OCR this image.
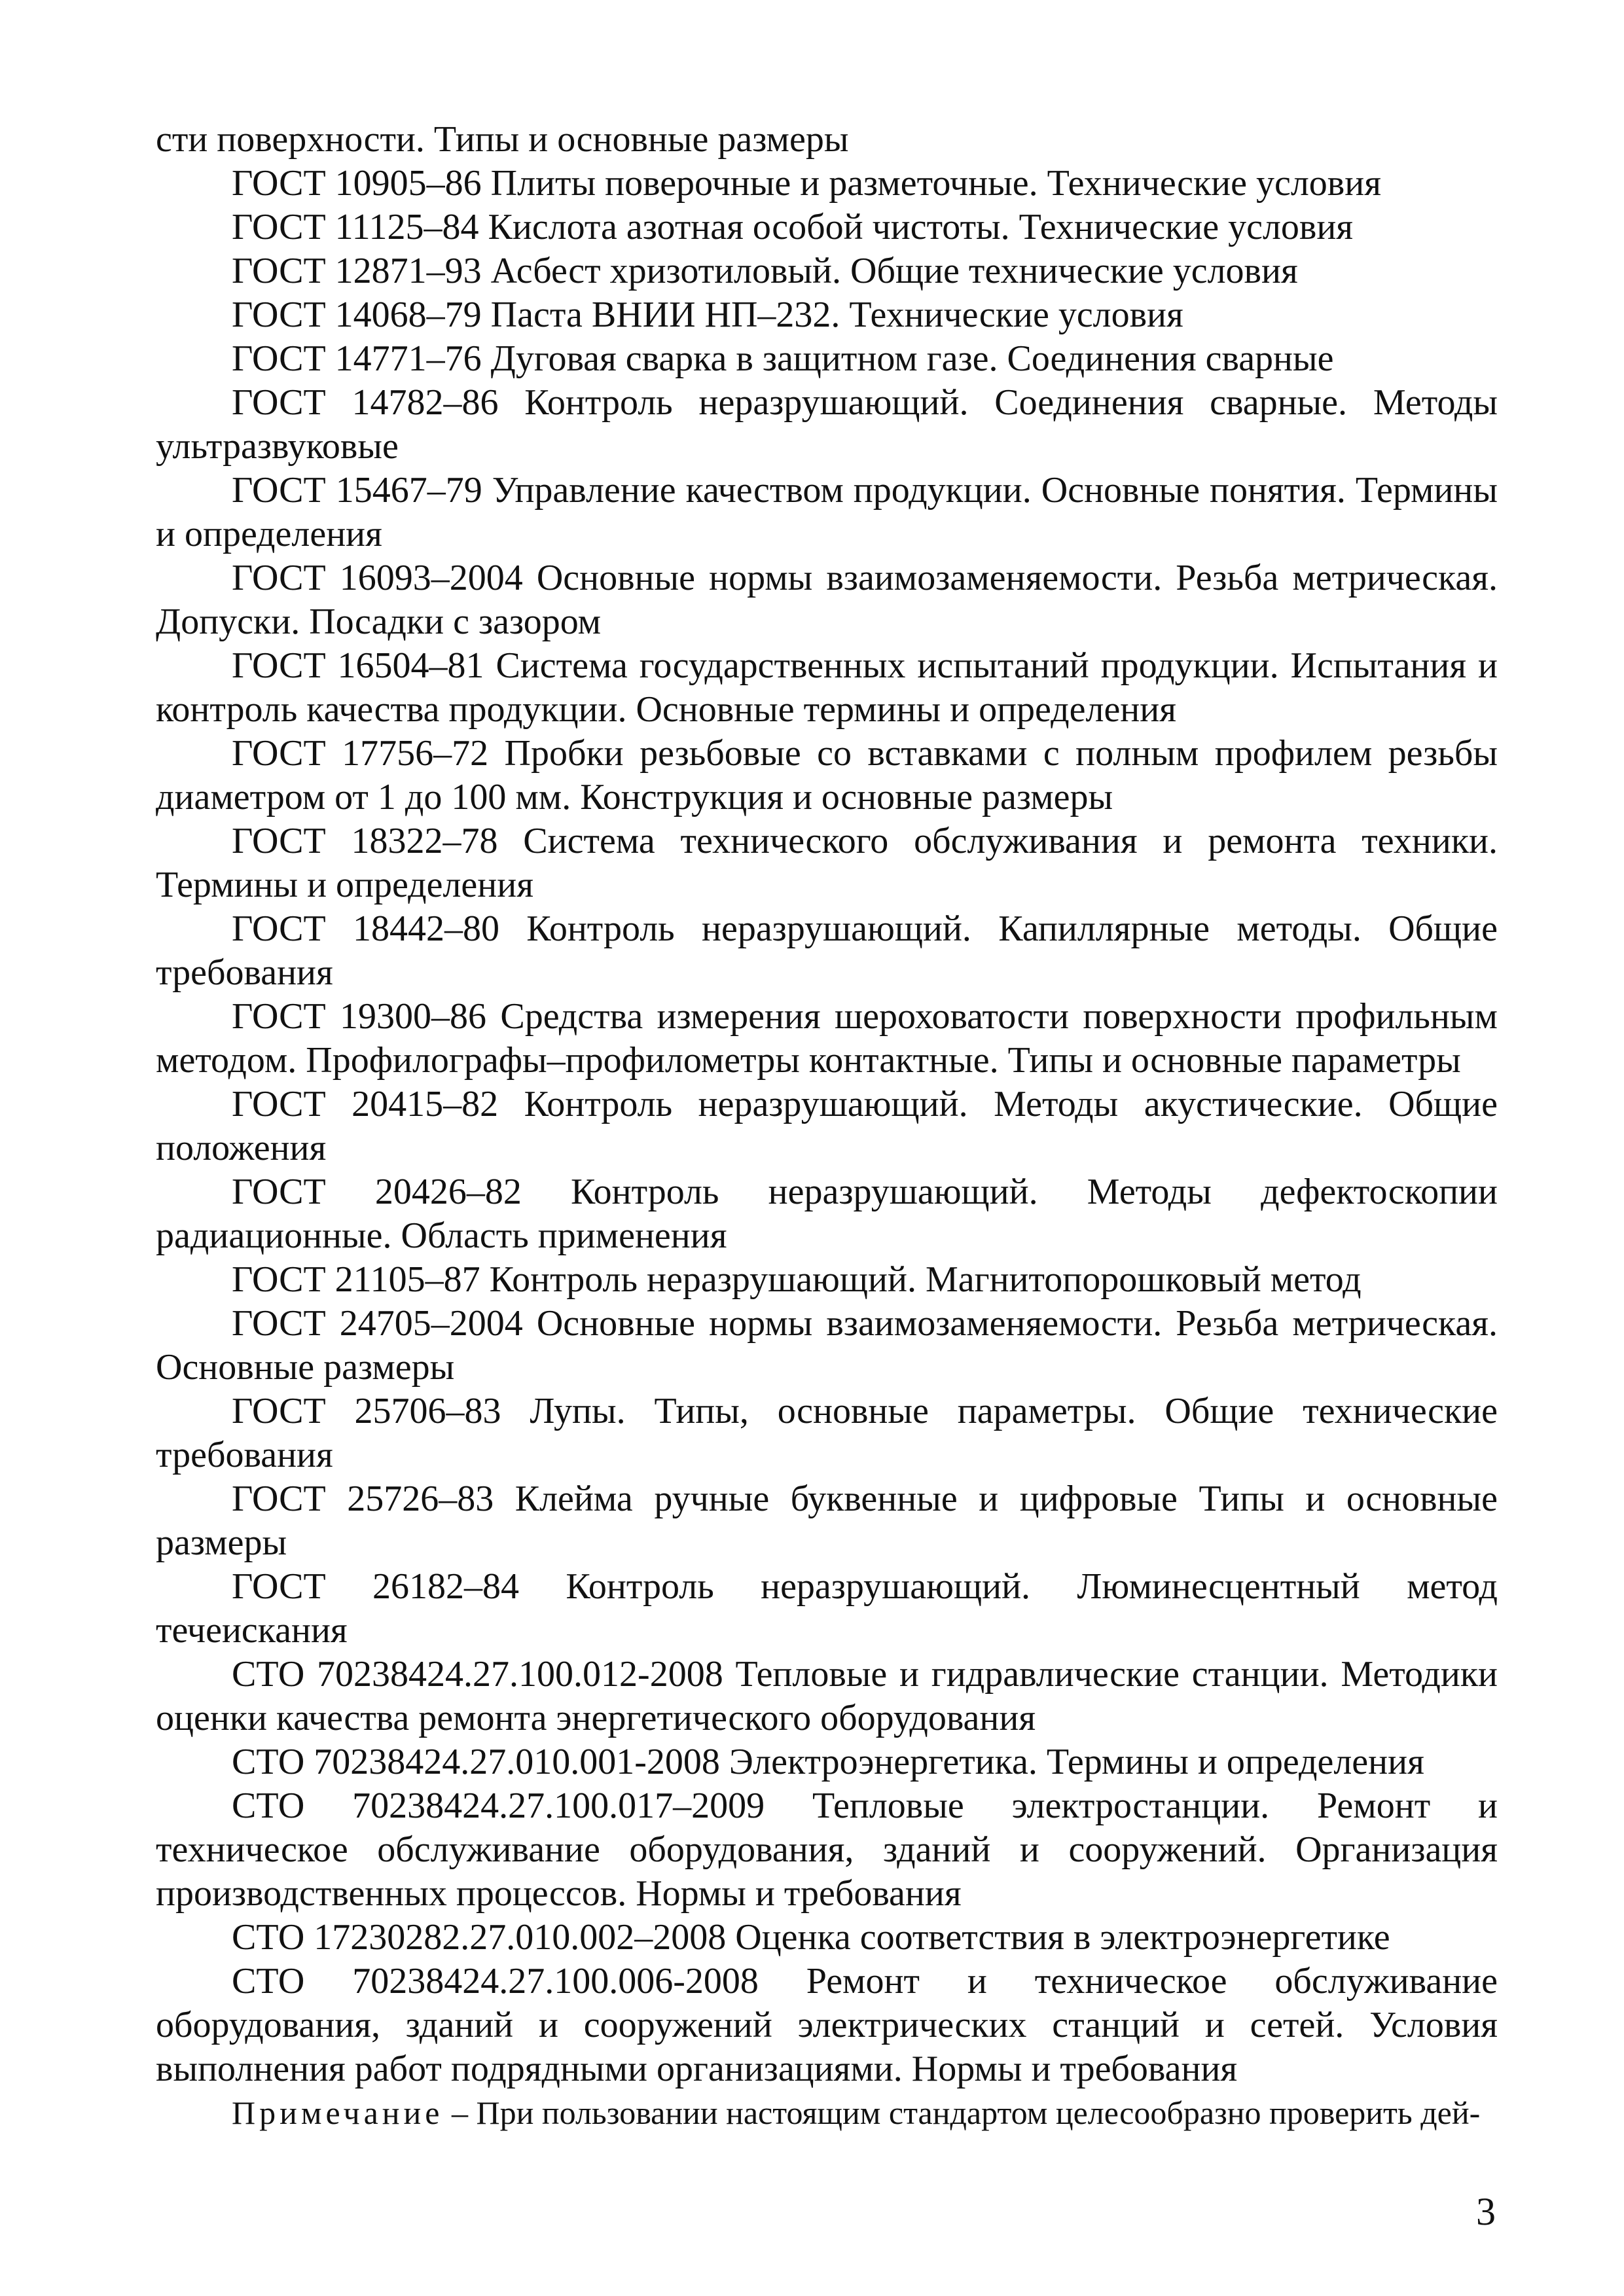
сти поверхности. Типы и основные размеры

ГОСТ 10905–86 Плиты поверочные и разметочные. Технические условия

ГОСТ 11125–84 Кислота азотная особой чистоты. Технические условия

ГОСТ 12871–93 Асбест хризотиловый. Общие технические условия

ГОСТ 14068–79 Паста ВНИИ НП–232. Технические условия

ГОСТ 14771–76 Дуговая сварка в защитном газе. Соединения сварные

ГОСТ 14782–86 Контроль неразрушающий. Соединения сварные. Методы ультразвуковые

ГОСТ 15467–79 Управление качеством продукции. Основные понятия. Термины и определения

ГОСТ 16093–2004 Основные нормы взаимозаменяемости. Резьба метрическая. Допуски. Посадки с зазором

ГОСТ 16504–81 Система государственных испытаний продукции. Испытания и контроль качества продукции. Основные термины и определения

ГОСТ 17756–72 Пробки резьбовые со вставками с полным профилем резьбы диаметром от 1 до 100 мм. Конструкция и основные размеры

ГОСТ 18322–78 Система технического обслуживания и ремонта техники. Термины и определения

ГОСТ 18442–80 Контроль неразрушающий. Капиллярные методы. Общие требования

ГОСТ 19300–86 Средства измерения шероховатости поверхности профильным методом. Профилографы–профилометры контактные. Типы и основные параметры

ГОСТ 20415–82 Контроль неразрушающий. Методы акустические. Общие положения

ГОСТ 20426–82 Контроль неразрушающий. Методы дефектоскопии радиационные. Область применения

ГОСТ 21105–87 Контроль неразрушающий. Магнитопорошковый метод

ГОСТ 24705–2004 Основные нормы взаимозаменяемости. Резьба метрическая. Основные размеры

ГОСТ 25706–83 Лупы. Типы, основные параметры. Общие технические требования

ГОСТ 25726–83 Клейма ручные буквенные и цифровые Типы и основные размеры

ГОСТ 26182–84 Контроль неразрушающий. Люминесцентный метод течеискания

СТО 70238424.27.100.012-2008 Тепловые и гидравлические станции. Методики оценки качества ремонта энергетического оборудования

СТО 70238424.27.010.001-2008 Электроэнергетика. Термины и определения

СТО 70238424.27.100.017–2009 Тепловые электростанции. Ремонт и техническое обслуживание оборудования, зданий и сооружений. Организация производственных процессов. Нормы и требования

СТО 17230282.27.010.002–2008 Оценка соответствия в электроэнергетике

СТО 70238424.27.100.006-2008 Ремонт и техническое обслуживание оборудования, зданий и сооружений электрических станций и сетей. Условия выполнения работ подрядными организациями. Нормы и требования

Примечание – При пользовании настоящим стандартом целесообразно проверить дей-

3
